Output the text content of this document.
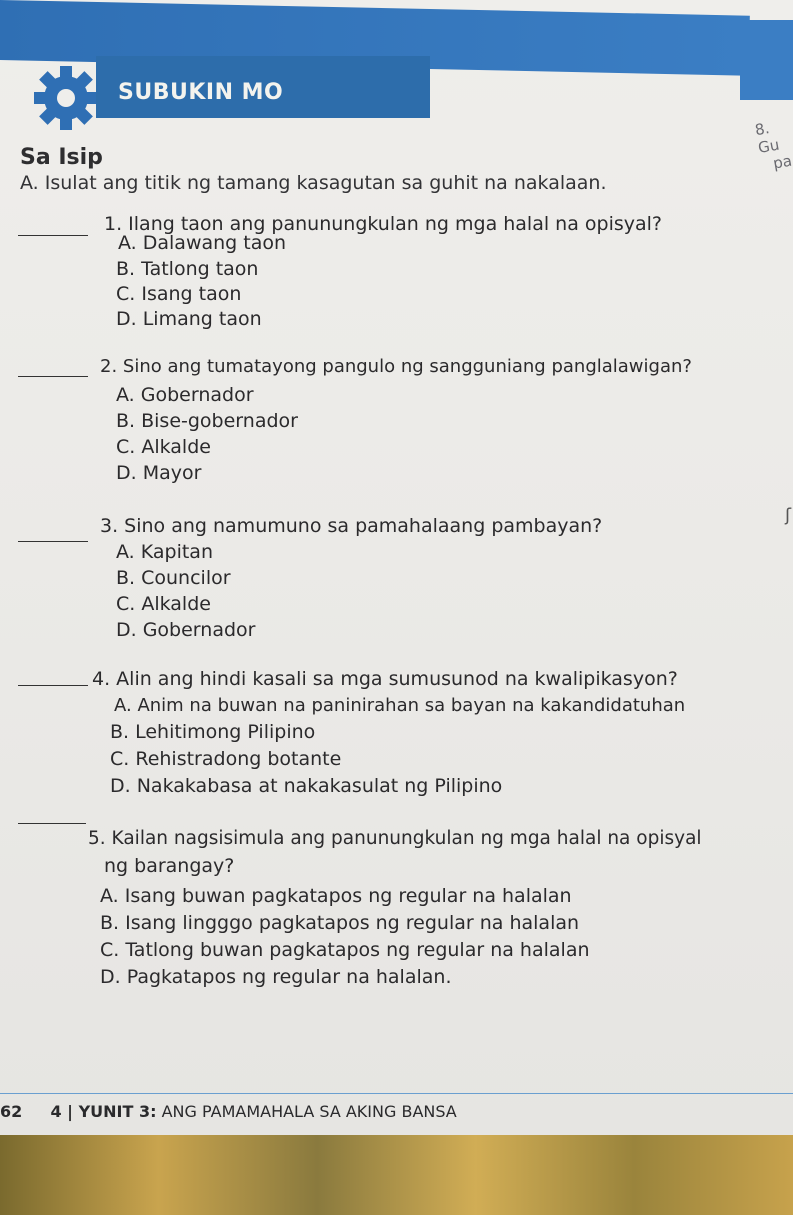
SUBUKIN MO
8. Gu
pa
Sa Isip
A. Isulat ang titik ng tamang kasagutan sa guhit na nakalaan.
1. Ilang taon ang panunungkulan ng mga halal na opisyal?
A. Dalawang taon
B. Tatlong taon
C. Isang taon
D. Limang taon
2. Sino ang tumatayong pangulo ng sangguniang panglalawigan?
A. Gobernador
B. Bise-gobernador
C. Alkalde
D. Mayor
3. Sino ang namumuno sa pamahalaang pambayan?
A. Kapitan
B. Councilor
C. Alkalde
D. Gobernador
4. Alin ang hindi kasali sa mga sumusunod na kwalipikasyon?
A. Anim na buwan na paninirahan sa bayan na kakandidatuhan
B. Lehitimong Pilipino
C. Rehistradong botante
D. Nakakabasa at nakakasulat ng Pilipino
5. Kailan nagsisimula ang panunungkulan ng mga halal na opisyal
ng barangay?
A. Isang buwan pagkatapos ng regular na halalan
B. Isang lingggo pagkatapos ng regular na halalan
C. Tatlong buwan pagkatapos ng regular na halalan
D. Pagkatapos ng regular na halalan.
ʃ
62 4 | YUNIT 3: ANG PAMAMAHALA SA AKING BANSA
